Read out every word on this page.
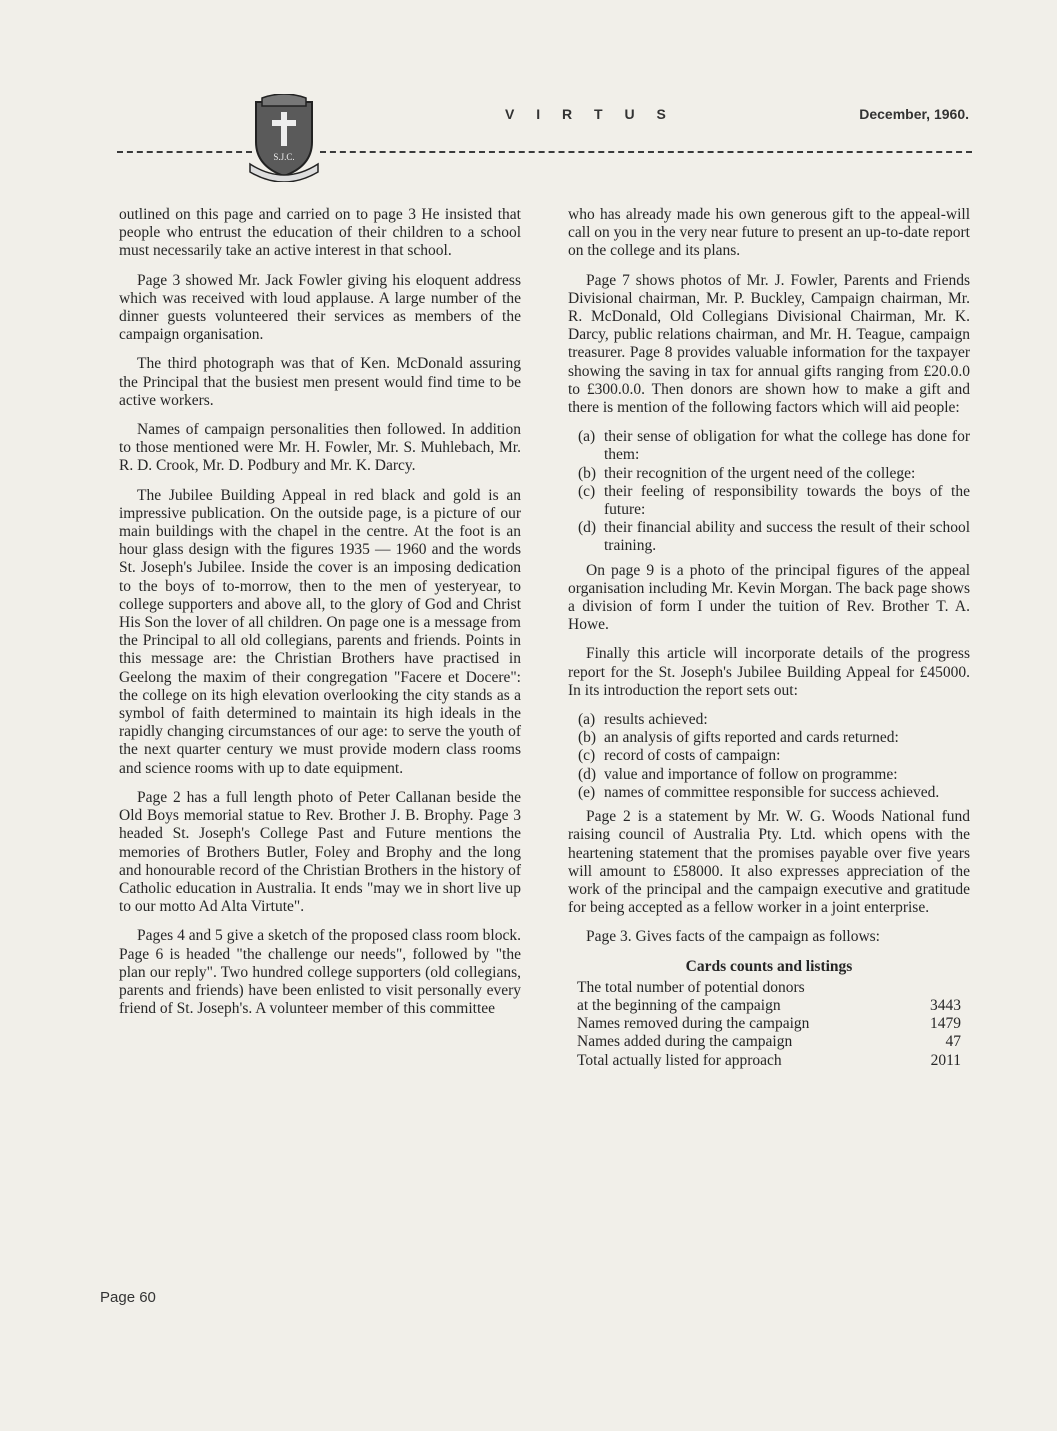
S.J.C.
V I R T U S	December, 1960.

outlined on this page and carried on to page 3 He insisted that people who entrust the education of their children to a school must necessarily take an active interest in that school.

Page 3 showed Mr. Jack Fowler giving his eloquent address which was received with loud applause. A large number of the dinner guests volunteered their services as members of the campaign organisation.

The third photograph was that of Ken. McDonald assuring the Principal that the busiest men present would find time to be active workers.

Names of campaign personalities then followed. In addition to those mentioned were Mr. H. Fowler, Mr. S. Muhlebach, Mr. R. D. Crook, Mr. D. Podbury and Mr. K. Darcy.

The Jubilee Building Appeal in red black and gold is an impressive publication. On the outside page, is a picture of our main buildings with the chapel in the centre. At the foot is an hour glass design with the figures 1935 — 1960 and the words St. Joseph's Jubilee. Inside the cover is an imposing dedication to the boys of to-morrow, then to the men of yesteryear, to college supporters and above all, to the glory of God and Christ His Son the lover of all children. On page one is a message from the Principal to all old collegians, parents and friends. Points in this message are: the Christian Brothers have practised in Geelong the maxim of their congregation "Facere et Docere": the college on its high elevation overlooking the city stands as a symbol of faith determined to maintain its high ideals in the rapidly changing circumstances of our age: to serve the youth of the next quarter century we must provide modern class rooms and science rooms with up to date equipment.

Page 2 has a full length photo of Peter Callanan beside the Old Boys memorial statue to Rev. Brother J. B. Brophy. Page 3 headed St. Joseph's College Past and Future mentions the memories of Brothers Butler, Foley and Brophy and the long and honourable record of the Christian Brothers in the history of Catholic education in Australia. It ends "may we in short live up to our motto Ad Alta Virtute".

Pages 4 and 5 give a sketch of the proposed class room block. Page 6 is headed "the challenge our needs", followed by "the plan our reply". Two hundred college supporters (old collegians, parents and friends) have been enlisted to visit personally every friend of St. Joseph's. A volunteer member of this committee

who has already made his own generous gift to the appeal-will call on you in the very near future to present an up-to-date report on the college and its plans.

Page 7 shows photos of Mr. J. Fowler, Parents and Friends Divisional chairman, Mr. P. Buckley, Campaign chairman, Mr. R. McDonald, Old Collegians Divisional Chairman, Mr. K. Darcy, public relations chairman, and Mr. H. Teague, campaign treasurer. Page 8 provides valuable information for the taxpayer showing the saving in tax for annual gifts ranging from £20.0.0 to £300.0.0. Then donors are shown how to make a gift and there is mention of the following factors which will aid people:

(a) their sense of obligation for what the college has done for them:
(b) their recognition of the urgent need of the college:
(c) their feeling of responsibility towards the boys of the future:
(d) their financial ability and success the result of their school training.

On page 9 is a photo of the principal figures of the appeal organisation including Mr. Kevin Morgan. The back page shows a division of form I under the tuition of Rev. Brother T. A. Howe.

Finally this article will incorporate details of the progress report for the St. Joseph's Jubilee Building Appeal for £45000. In its introduction the report sets out:

(a) results achieved:
(b) an analysis of gifts reported and cards returned:
(c) record of costs of campaign:
(d) value and importance of follow on programme:
(e) names of committee responsible for success achieved.

Page 2 is a statement by Mr. W. G. Woods National fund raising council of Australia Pty. Ltd. which opens with the heartening statement that the promises payable over five years will amount to £58000. It also expresses appreciation of the work of the principal and the campaign executive and gratitude for being accepted as a fellow worker in a joint enterprise.

Page 3. Gives facts of the campaign as follows:

Cards counts and listings
The total number of potential donors	
at the beginning of the campaign	3443
Names removed during the campaign	1479
Names added during the campaign	47
Total actually listed for approach	2011
Page 60
